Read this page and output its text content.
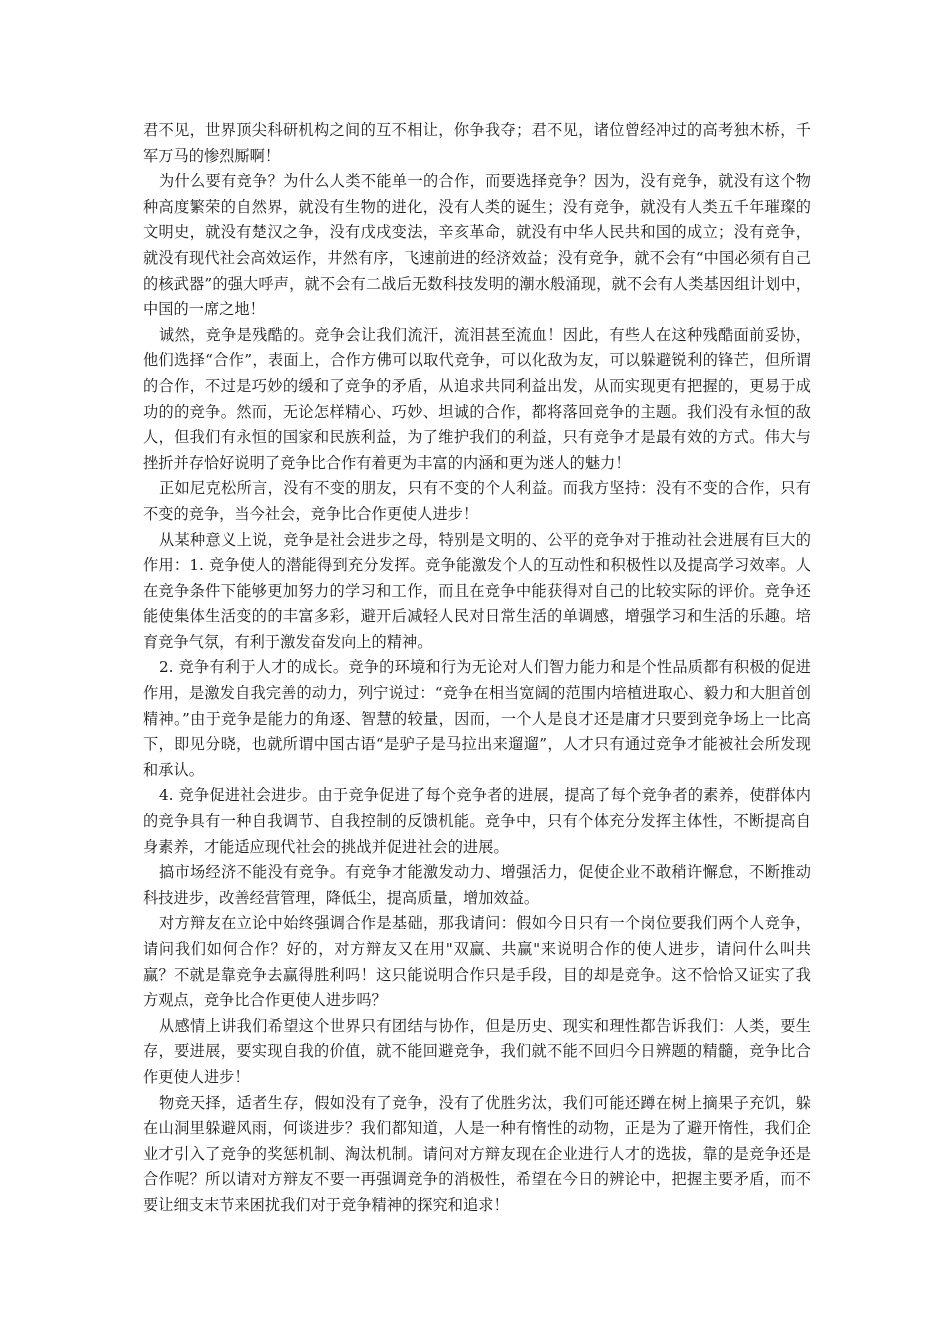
君不见，世界顶尖科研机构之间的互不相让，你争我夺；君不见，诸位曾经冲过的高考独木桥，千军万马的惨烈厮啊！

为什么要有竞争？为什么人类不能单一的合作，而要选择竞争？因为，没有竞争，就没有这个物种高度繁荣的自然界，就没有生物的进化，没有人类的诞生；没有竞争，就没有人类五千年璀璨的文明史，就没有楚汉之争，没有戊戌变法，辛亥革命，就没有中华人民共和国的成立；没有竞争，就没有现代社会高效运作，井然有序，飞速前进的经济效益；没有竞争，就不会有“中国必须有自己的核武器”的强大呼声，就不会有二战后无数科技发明的潮水般涌现，就不会有人类基因组计划中，中国的一席之地！

诚然，竞争是残酷的。竞争会让我们流汗，流泪甚至流血！因此，有些人在这种残酷面前妥协，他们选择“合作”，表面上，合作方佛可以取代竞争，可以化敌为友，可以躲避锐利的锋芒，但所谓的合作，不过是巧妙的缓和了竞争的矛盾，从追求共同利益出发，从而实现更有把握的，更易于成功的的竞争。然而，无论怎样精心、巧妙、坦诚的合作，都将落回竞争的主题。我们没有永恒的敌人，但我们有永恒的国家和民族利益，为了维护我们的利益，只有竞争才是最有效的方式。伟大与挫折并存恰好说明了竞争比合作有着更为丰富的内涵和更为迷人的魅力！

正如尼克松所言，没有不变的朋友，只有不变的个人利益。而我方坚持：没有不变的合作，只有不变的竞争，当今社会，竞争比合作更使人进步！

从某种意义上说，竞争是社会进步之母，特别是文明的、公平的竞争对于推动社会进展有巨大的作用：1. 竞争使人的潜能得到充分发挥。竞争能激发个人的互动性和积极性以及提高学习效率。人在竞争条件下能够更加努力的学习和工作，而且在竞争中能获得对自己的比较实际的评价。竞争还能使集体生活变的的丰富多彩，避开后减轻人民对日常生活的单调感，增强学习和生活的乐趣。培育竞争气氛，有利于激发奋发向上的精神。

2. 竞争有利于人才的成长。竞争的环境和行为无论对人们智力能力和是个性品质都有积极的促进作用，是激发自我完善的动力，列宁说过：“竞争在相当宽阔的范围内培植进取心、毅力和大胆首创精神。”由于竞争是能力的角逐、智慧的较量，因而，一个人是良才还是庸才只要到竞争场上一比高下，即见分晓，也就所谓中国古语“是驴子是马拉出来遛遛”，人才只有通过竞争才能被社会所发现和承认。

4. 竞争促进社会进步。由于竞争促进了每个竞争者的进展，提高了每个竞争者的素养，使群体内的竞争具有一种自我调节、自我控制的反馈机能。竞争中，只有个体充分发挥主体性，不断提高自身素养，才能适应现代社会的挑战并促进社会的进展。

搞市场经济不能没有竞争。有竞争才能激发动力、增强活力，促使企业不敢稍许懈怠，不断推动科技进步，改善经营管理，降低尘，提高质量，增加效益。

对方辩友在立论中始终强调合作是基础，那我请问：假如今日只有一个岗位要我们两个人竞争，请问我们如何合作？好的，对方辩友又在用"双赢、共赢"来说明合作的使人进步，请问什么叫共赢？不就是靠竞争去赢得胜利吗！这只能说明合作只是手段，目的却是竞争。这不恰恰又证实了我方观点，竞争比合作更使人进步吗？

从感情上讲我们希望这个世界只有团结与协作，但是历史、现实和理性都告诉我们：人类，要生存，要进展，要实现自我的价值，就不能回避竞争，我们就不能不回归今日辨题的精髓，竞争比合作更使人进步！

物竞天择，适者生存，假如没有了竞争，没有了优胜劣汰，我们可能还蹲在树上摘果子充饥，躲在山洞里躲避风雨，何谈进步？我们都知道，人是一种有惰性的动物，正是为了避开惰性，我们企业才引入了竞争的奖惩机制、淘汰机制。请问对方辩友现在企业进行人才的选拔，靠的是竞争还是合作呢？所以请对方辩友不要一再强调竞争的消极性，希望在今日的辨论中，把握主要矛盾，而不要让细支末节来困扰我们对于竞争精神的探究和追求！
